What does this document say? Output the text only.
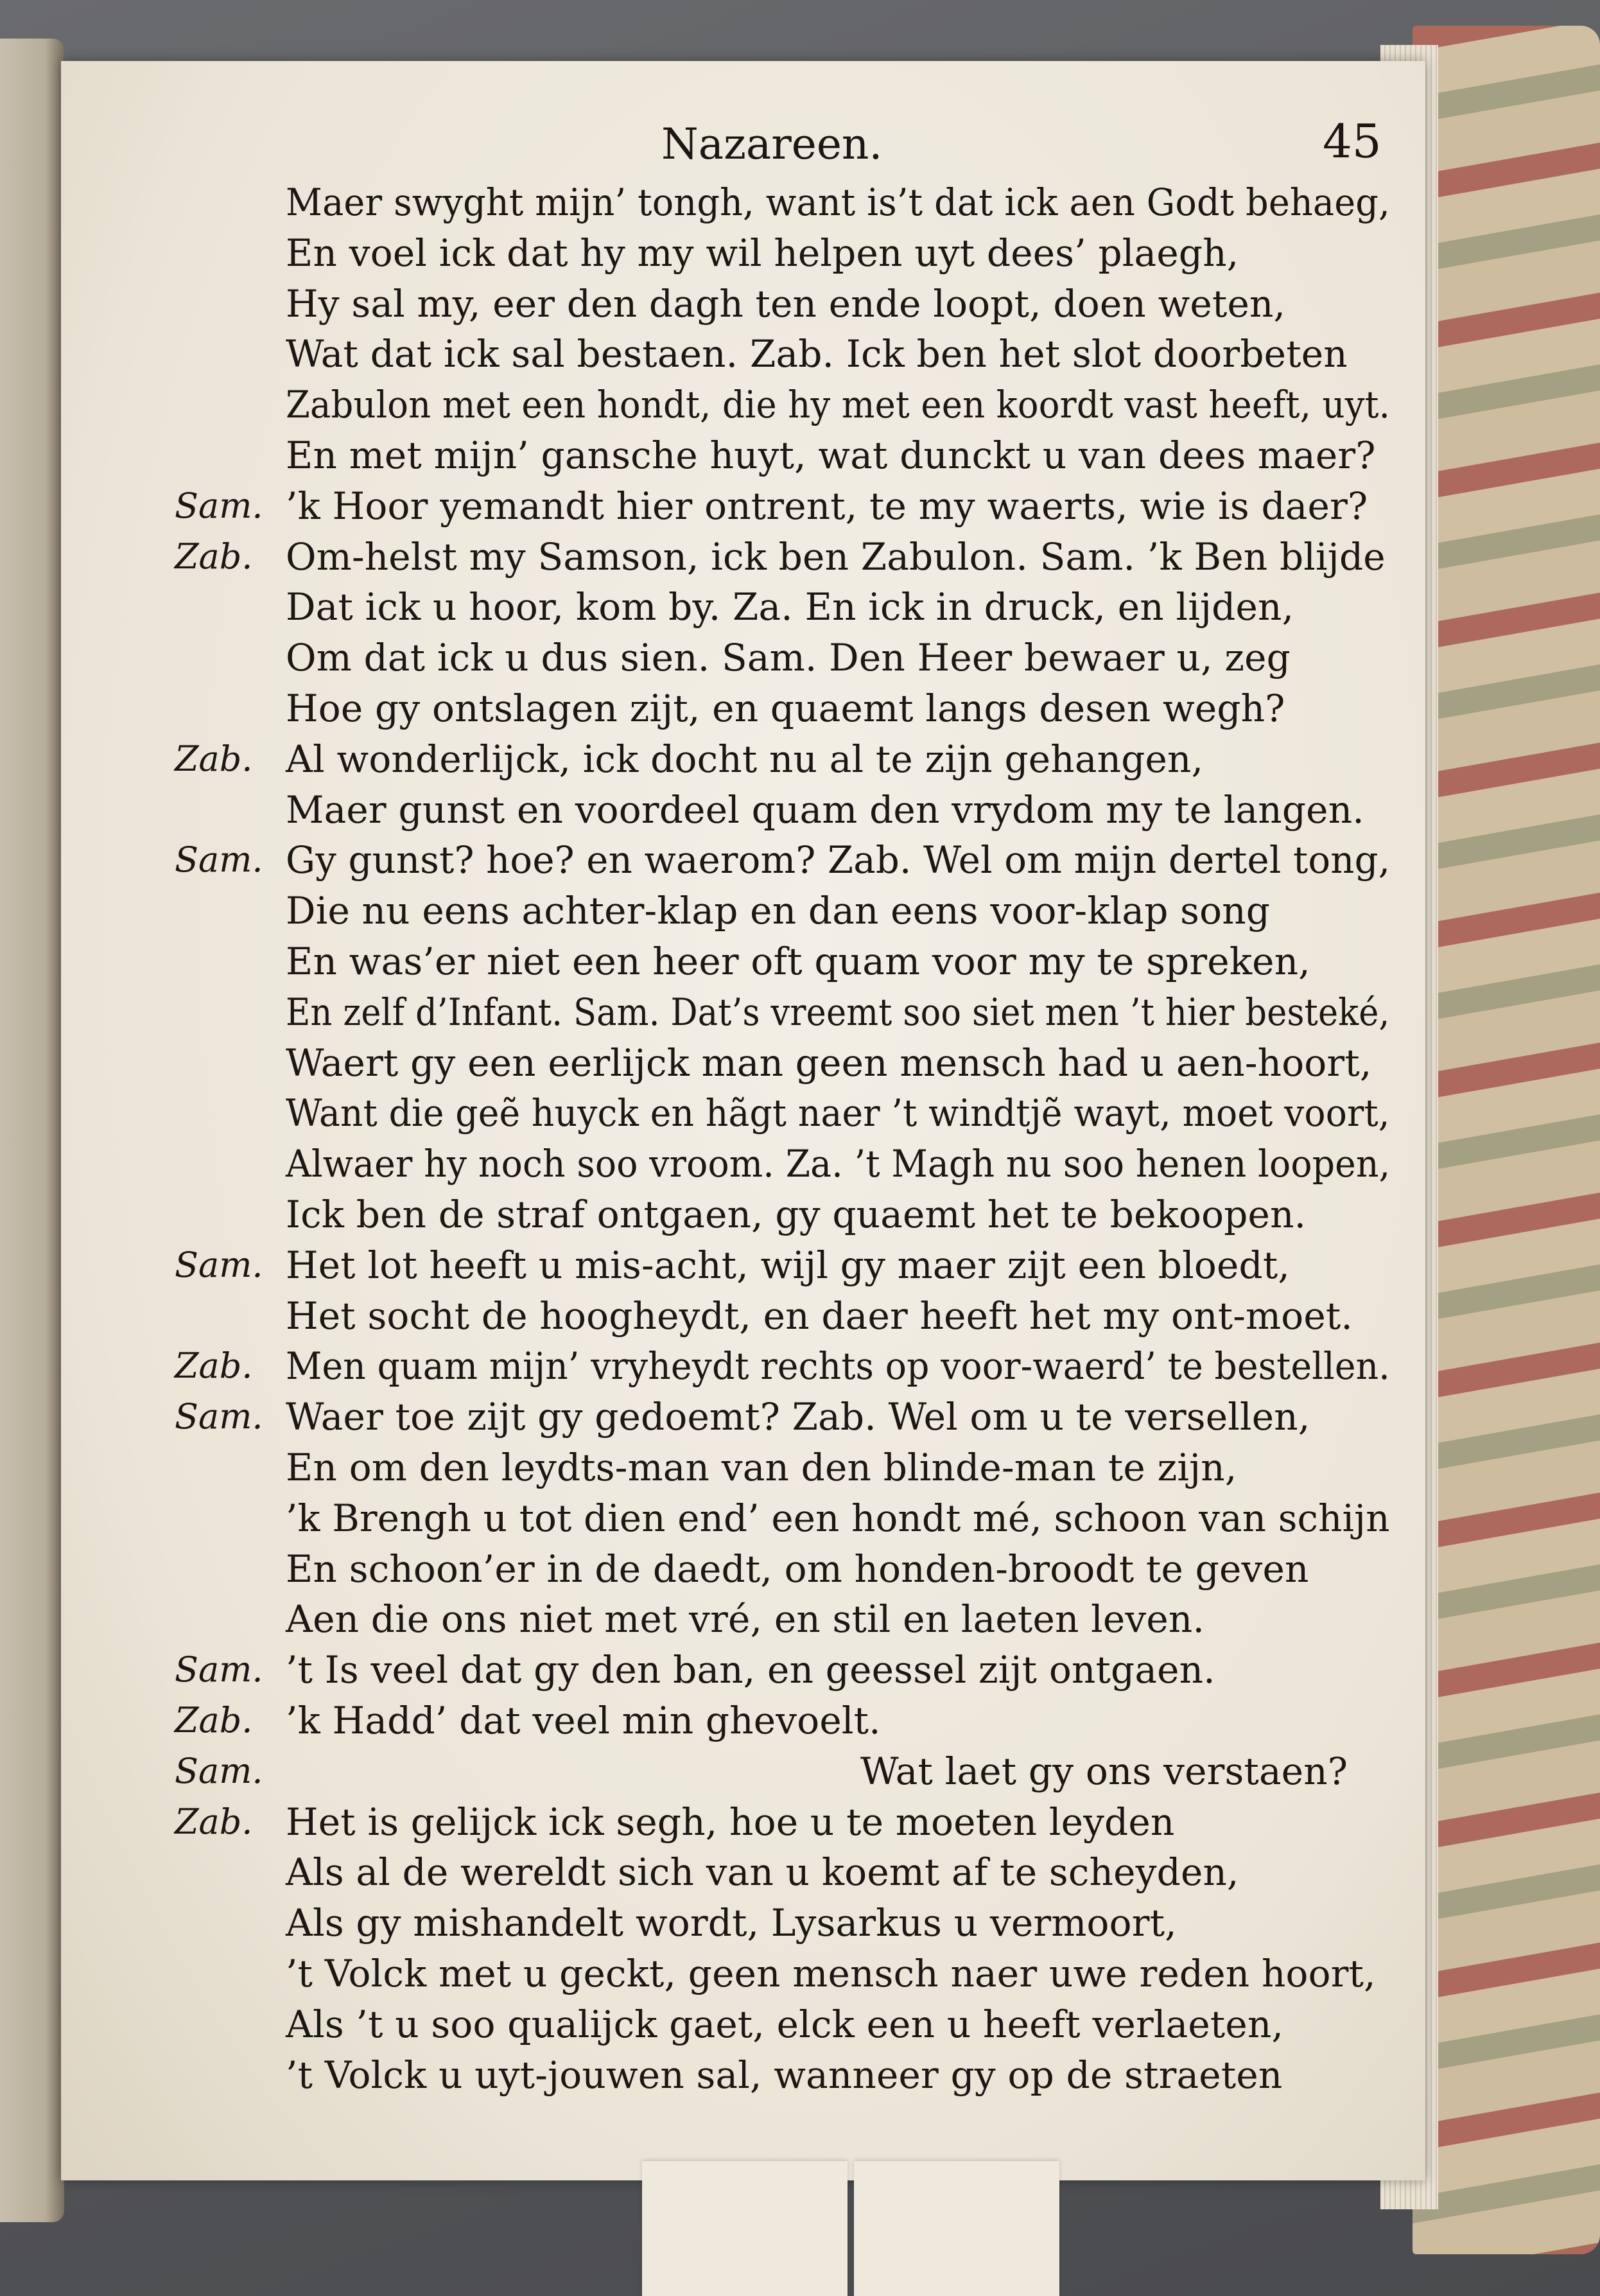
Nazareen.	45
Maer swyght mijn’ tongh, want is’t dat ick aen Godt behaeg,
En voel ick dat hy my wil helpen uyt dees’ plaegh,
Hy sal my, eer den dagh ten ende loopt, doen weten,
Wat dat ick sal bestaen. Zab. Ick ben het slot doorbeten
Zabulon met een hondt, die hy met een koordt vast heeft, uyt.
En met mijn’ gansche huyt, wat dunckt u van dees maer?
Sam. ’k Hoor yemandt hier ontrent, te my waerts, wie is daer?
Zab. Om-helst my Samson, ick ben Zabulon. Sam. ’k Ben blijde
Dat ick u hoor, kom by. Za. En ick in druck, en lijden,
Om dat ick u dus sien. Sam. Den Heer bewaer u, zeg
Hoe gy ontslagen zijt, en quaemt langs desen wegh?
Zab. Al wonderlijck, ick docht nu al te zijn gehangen,
Maer gunst en voordeel quam den vrydom my te langen.
Sam. Gy gunst? hoe? en waerom? Zab. Wel om mijn dertel tong,
Die nu eens achter-klap en dan eens voor-klap song
En was’er niet een heer oft quam voor my te spreken,
En zelf d’Infant. Sam. Dat’s vreemt soo siet men ’t hier besteké,
Waert gy een eerlijck man geen mensch had u aen-hoort,
Want die geẽ huyck en hãgt naer ’t windtjẽ wayt, moet voort,
Alwaer hy noch soo vroom. Za. ’t Magh nu soo henen loopen,
Ick ben de straf ontgaen, gy quaemt het te bekoopen.
Sam. Het lot heeft u mis-acht, wijl gy maer zijt een bloedt,
Het socht de hoogheydt, en daer heeft het my ont-moet.
Zab. Men quam mijn’ vryheydt rechts op voor-waerd’ te bestellen.
Sam. Waer toe zijt gy gedoemt? Zab. Wel om u te versellen,
En om den leydts-man van den blinde-man te zijn,
’k Brengh u tot dien end’ een hondt mé, schoon van schijn
En schoon’er in de daedt, om honden-broodt te geven
Aen die ons niet met vré, en stil en laeten leven.
Sam. ’t Is veel dat gy den ban, en geessel zijt ontgaen.
Zab. ’k Hadd’ dat veel min ghevoelt.
Sam.	Wat laet gy ons verstaen?
Zab. Het is gelijck ick segh, hoe u te moeten leyden
Als al de wereldt sich van u koemt af te scheyden,
Als gy mishandelt wordt, Lysarkus u vermoort,
’t Volck met u geckt, geen mensch naer uwe reden hoort,
Als ’t u soo qualijck gaet, elck een u heeft verlaeten,
’t Volck u uyt-jouwen sal, wanneer gy op de straeten
